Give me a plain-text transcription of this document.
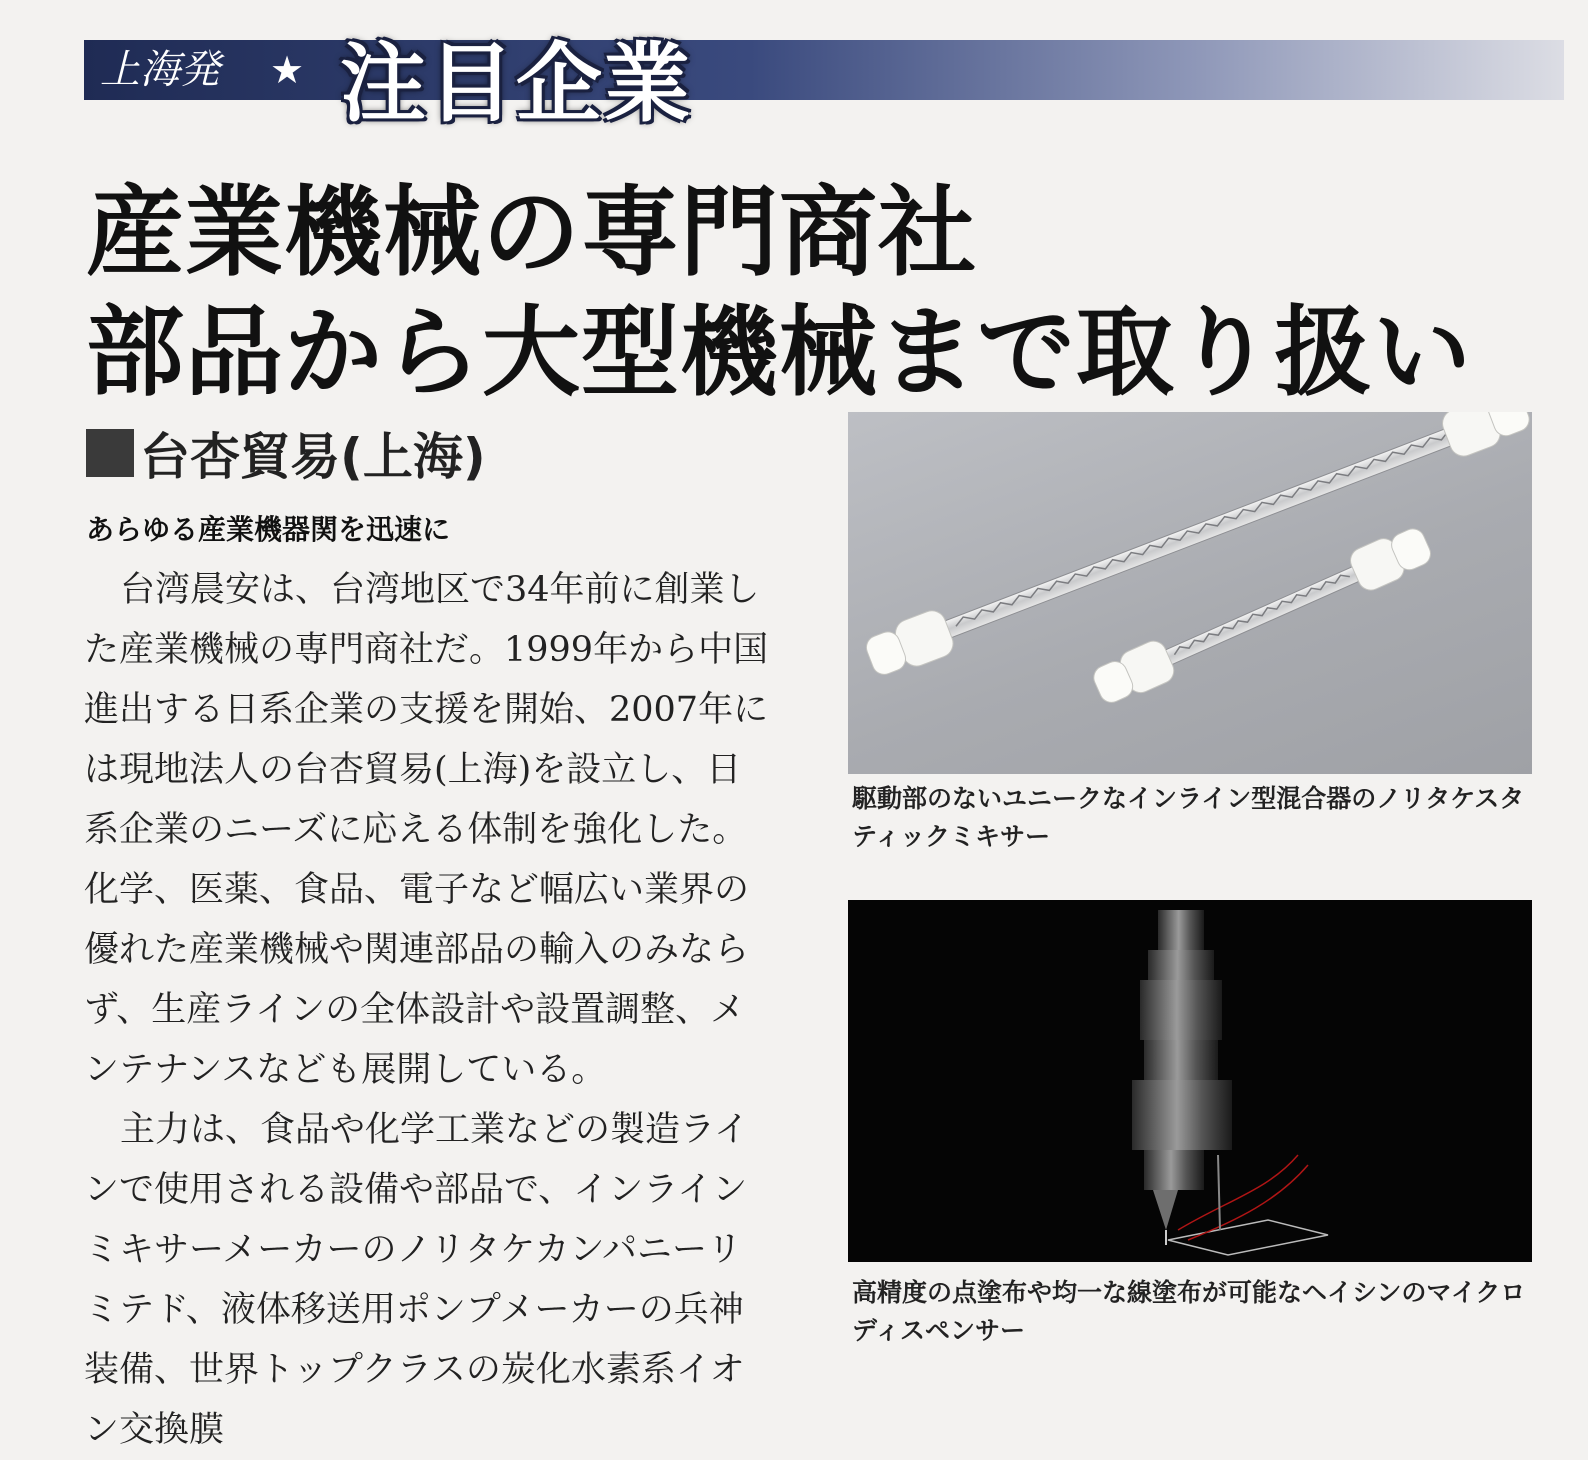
上海発 ★ 注目企業
産業機械の専門商社
部品から大型機械まで取り扱い
台杏貿易(上海)
あらゆる産業機器関を迅速に

台湾晨安は、台湾地区で34年前に創業した産業機械の専門商社だ。1999年から中国進出する日系企業の支援を開始、2007年には現地法人の台杏貿易(上海)を設立し、日系企業のニーズに応える体制を強化した。化学、医薬、食品、電子など幅広い業界の優れた産業機械や関連部品の輸入のみならず、生産ラインの全体設計や設置調整、メンテナンスなども展開している。

主力は、食品や化学工業などの製造ラインで使用される設備や部品で、インラインミキサーメーカーのノリタケカンパニーリミテド、液体移送用ポンプメーカーの兵神装備、世界トップクラスの炭化水素系イオン交換膜

駆動部のないユニークなインライン型混合器のノリタケスタティックミキサー
高精度の点塗布や均一な線塗布が可能なヘイシンのマイクロディスペンサー
